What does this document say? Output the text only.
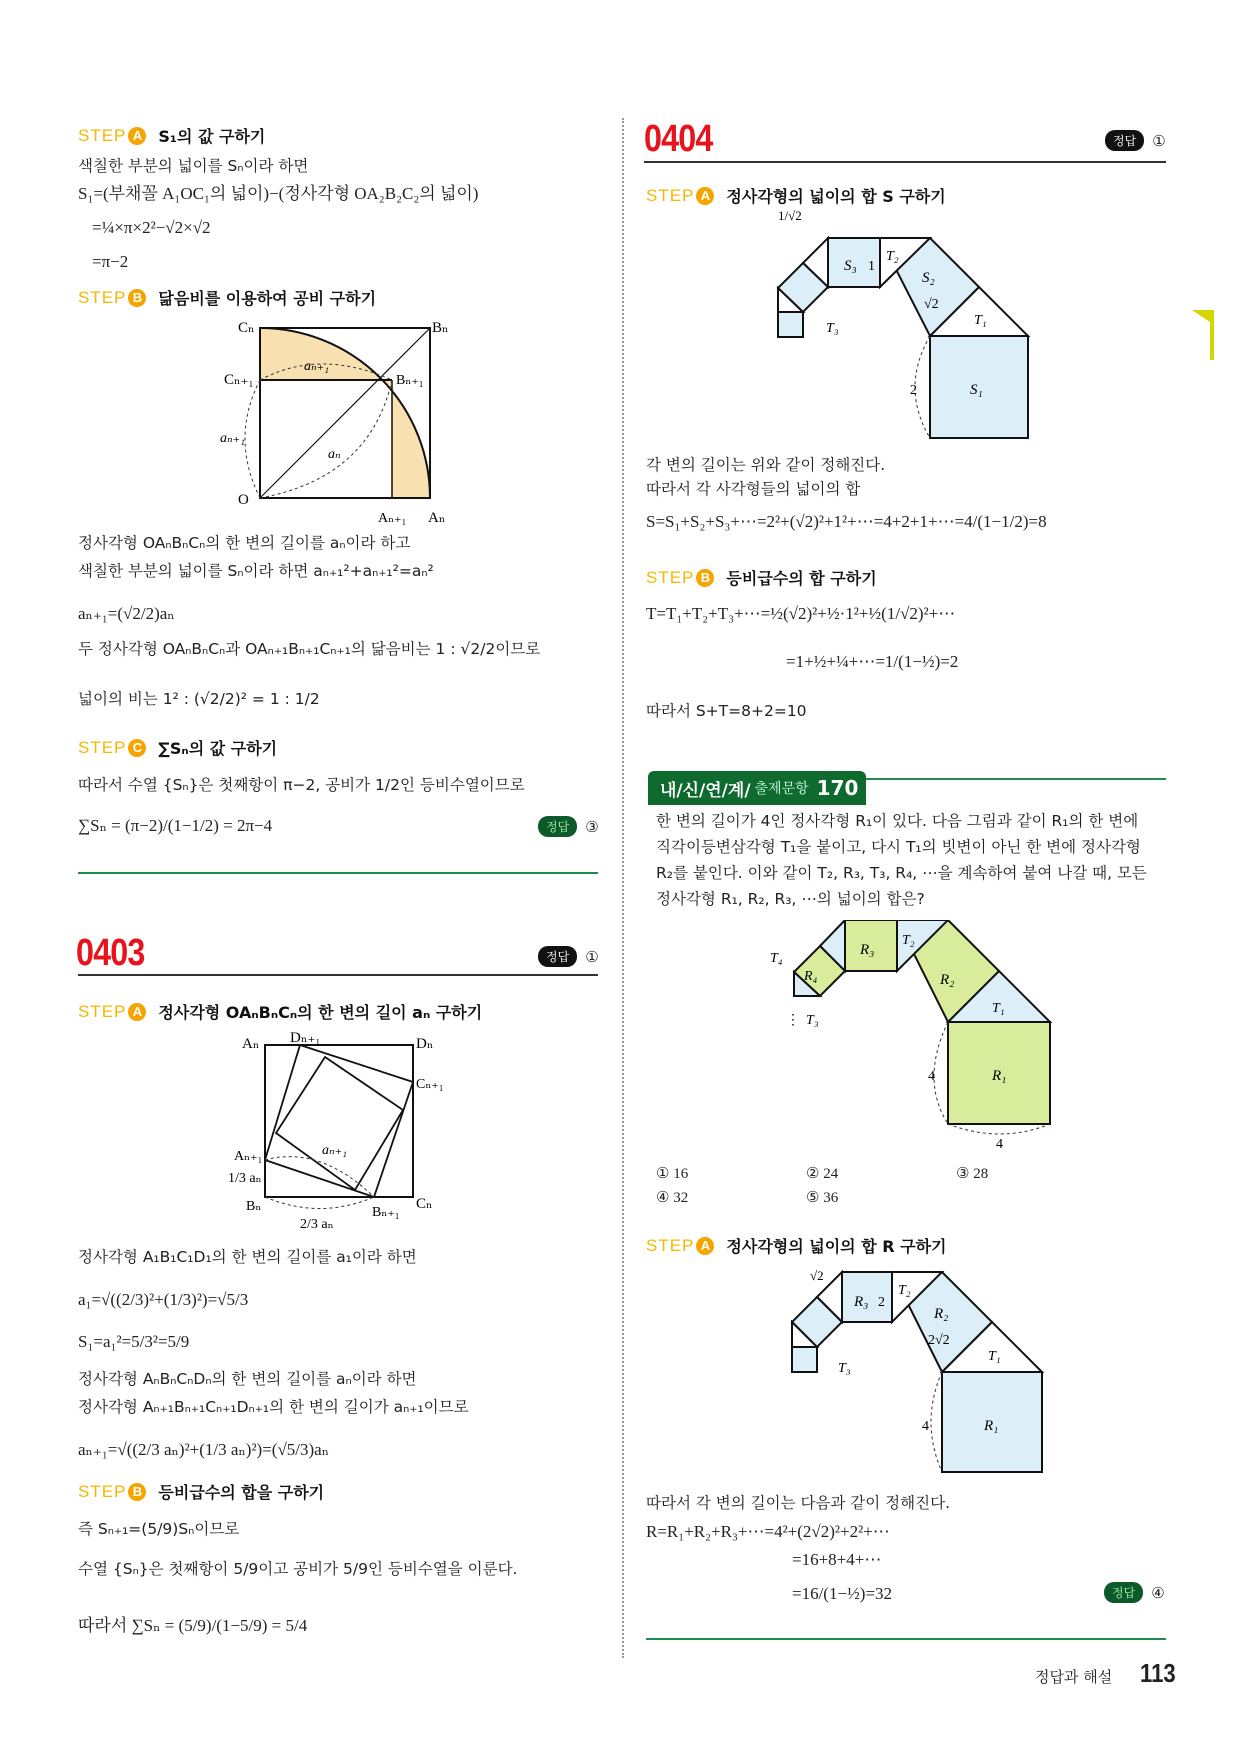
STEP A S₁의 값 구하기
색칠한 부분의 넓이를 Sₙ이라 하면
S₁=(부채꼴 A₁OC₁의 넓이)−(정사각형 OA₂B₂C₂의 넓이)
=¼×π×2²−√2×√2
=π−2
STEP B 닮음비를 이용하여 공비 구하기
Cₙ	Bₙ
Cₙ₊₁	Bₙ₊₁
aₙ₊₁
aₙ₊₁
aₙ
O
Aₙ₊₁ Aₙ
정사각형 OAₙBₙCₙ의 한 변의 길이를 aₙ이라 하고
색칠한 부분의 넓이를 Sₙ이라 하면 aₙ₊₁²+aₙ₊₁²=aₙ²
aₙ₊₁=(√2/2)aₙ
두 정사각형 OAₙBₙCₙ과 OAₙ₊₁Bₙ₊₁Cₙ₊₁의 닮음비는 1 : √2/2이므로
넓이의 비는 1² : (√2/2)² = 1 : 1/2
STEP C ∑Sₙ의 값 구하기
따라서 수열 {Sₙ}은 첫째항이 π−2, 공비가 1/2인 등비수열이므로
∑Sₙ = (π−2)/(1−1/2) = 2π−4	정답	③
0403	정답	①
STEP A 정사각형 OAₙBₙCₙ의 한 변의 길이 aₙ 구하기
Aₙ Dₙ₊₁	Dₙ
Cₙ₊₁
Aₙ₊₁
1/3 aₙ
aₙ₊₁
Bₙ
2/3 aₙ
Bₙ₊₁
Cₙ
정사각형 A₁B₁C₁D₁의 한 변의 길이를 a₁이라 하면
a₁=√((2/3)²+(1/3)²)=√5/3
S₁=a₁²=5/3²=5/9
정사각형 AₙBₙCₙDₙ의 한 변의 길이를 aₙ이라 하면
정사각형 Aₙ₊₁Bₙ₊₁Cₙ₊₁Dₙ₊₁의 한 변의 길이가 aₙ₊₁이므로
aₙ₊₁=√((2/3 aₙ)²+(1/3 aₙ)²)=(√5/3)aₙ
STEP B 등비급수의 합을 구하기
즉 Sₙ₊₁=(5/9)Sₙ이므로
수열 {Sₙ}은 첫째항이 5/9이고 공비가 5/9인 등비수열을 이룬다.
따라서 ∑Sₙ = (5/9)/(1−5/9) = 5/4
0404	정답	①
STEP A 정사각형의 넓이의 합 S 구하기
1/√2
S₃ 1
T₂
S₂
√2
T₃
T₁
2	S₁
각 변의 길이는 위와 같이 정해진다.
따라서 각 사각형들의 넓이의 합
S=S₁+S₂+S₃+⋯=2²+(√2)²+1²+⋯=4+2+1+⋯=4/(1−1/2)=8
STEP B 등비급수의 합 구하기
T=T₁+T₂+T₃+⋯=½(√2)²+½·1²+½(1/√2)²+⋯
=1+½+¼+⋯=1/(1−½)=2
따라서 S+T=8+2=10
내/신/연/계/ 출제문항 170
한 변의 길이가 4인 정사각형 R₁이 있다. 다음 그림과 같이 R₁의 한 변에
직각이등변삼각형 T₁을 붙이고, 다시 T₁의 빗변이 아닌 한 변에 정사각형
R₂를 붙인다. 이와 같이 T₂, R₃, T₃, R₄, ⋯을 계속하여 붙여 나갈 때, 모든
정사각형 R₁, R₂, R₃, ⋯의 넓이의 합은?
T₄
R₄
R₃
T₂
R₂
T₃
⋮
T₁
R₁
4
4
① 16	② 24	③ 28
④ 32	⑤ 36
STEP A 정사각형의 넓이의 합 R 구하기
√2
R₃ 2
T₂
R₂
2√2
T₃
T₁
4	R₁
따라서 각 변의 길이는 다음과 같이 정해진다.
R=R₁+R₂+R₃+⋯=4²+(2√2)²+2²+⋯
=16+8+4+⋯
=16/(1−½)=32	정답	④
정답과 해설 113
